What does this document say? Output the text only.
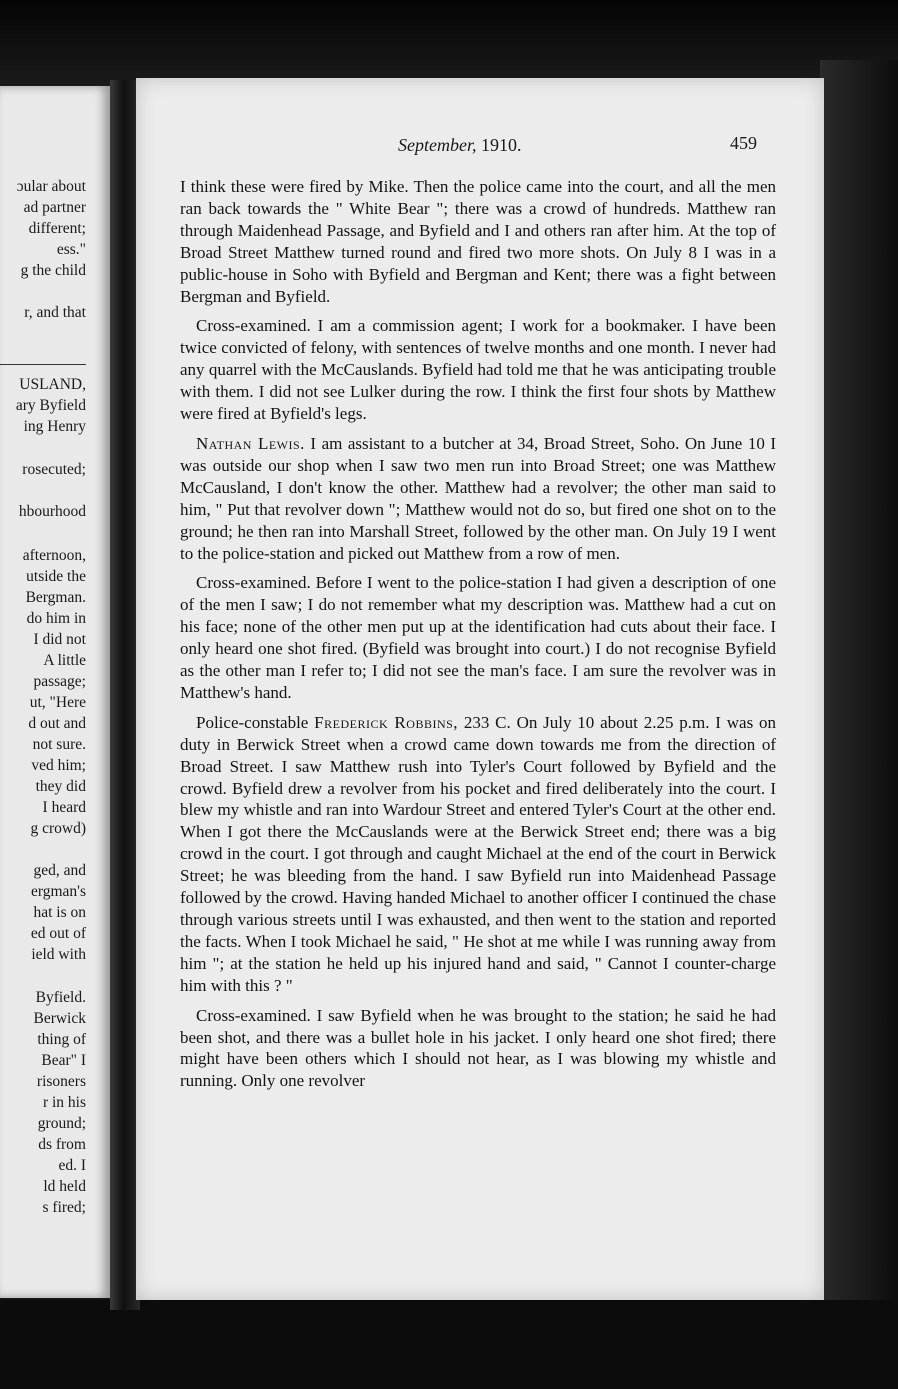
ɔular about
ad partner
different;
ess."
g the child
r, and that
USLAND,
ary Byfield
ing Henry
rosecuted;
hbourhood
afternoon,
utside the
Bergman.
do him in
I did not
A little
passage;
ut, "Here
d out and
not sure.
ved him;
they did
I heard
g crowd)
ged, and
ergman's
hat is on
ed out of
ield with
Byfield.
Berwick
thing of
Bear" I
risoners
r in his
ground;
ds from
ed. I
ld held
s fired;
September, 1910.	459

I think these were fired by Mike. Then the police came into the court, and all the men ran back towards the " White Bear "; there was a crowd of hundreds. Matthew ran through Maidenhead Passage, and Byfield and I and others ran after him. At the top of Broad Street Matthew turned round and fired two more shots. On July 8 I was in a public-house in Soho with Byfield and Bergman and Kent; there was a fight between Bergman and Byfield.

Cross-examined. I am a commission agent; I work for a bookmaker. I have been twice convicted of felony, with sentences of twelve months and one month. I never had any quarrel with the McCauslands. Byfield had told me that he was anticipating trouble with them. I did not see Lulker during the row. I think the first four shots by Matthew were fired at Byfield's legs.

Nathan Lewis. I am assistant to a butcher at 34, Broad Street, Soho. On June 10 I was outside our shop when I saw two men run into Broad Street; one was Matthew McCausland, I don't know the other. Matthew had a revolver; the other man said to him, " Put that revolver down "; Matthew would not do so, but fired one shot on to the ground; he then ran into Marshall Street, followed by the other man. On July 19 I went to the police-station and picked out Matthew from a row of men.

Cross-examined. Before I went to the police-station I had given a description of one of the men I saw; I do not remember what my description was. Matthew had a cut on his face; none of the other men put up at the identification had cuts about their face. I only heard one shot fired. (Byfield was brought into court.) I do not recognise Byfield as the other man I refer to; I did not see the man's face. I am sure the revolver was in Matthew's hand.

Police-constable Frederick Robbins, 233 C. On July 10 about 2.25 p.m. I was on duty in Berwick Street when a crowd came down towards me from the direction of Broad Street. I saw Matthew rush into Tyler's Court followed by Byfield and the crowd. Byfield drew a revolver from his pocket and fired deliberately into the court. I blew my whistle and ran into Wardour Street and entered Tyler's Court at the other end. When I got there the McCauslands were at the Berwick Street end; there was a big crowd in the court. I got through and caught Michael at the end of the court in Berwick Street; he was bleeding from the hand. I saw Byfield run into Maidenhead Passage followed by the crowd. Having handed Michael to another officer I continued the chase through various streets until I was exhausted, and then went to the station and reported the facts. When I took Michael he said, " He shot at me while I was running away from him "; at the station he held up his injured hand and said, " Cannot I counter-charge him with this ? "

Cross-examined. I saw Byfield when he was brought to the station; he said he had been shot, and there was a bullet hole in his jacket. I only heard one shot fired; there might have been others which I should not hear, as I was blowing my whistle and running. Only one revolver
